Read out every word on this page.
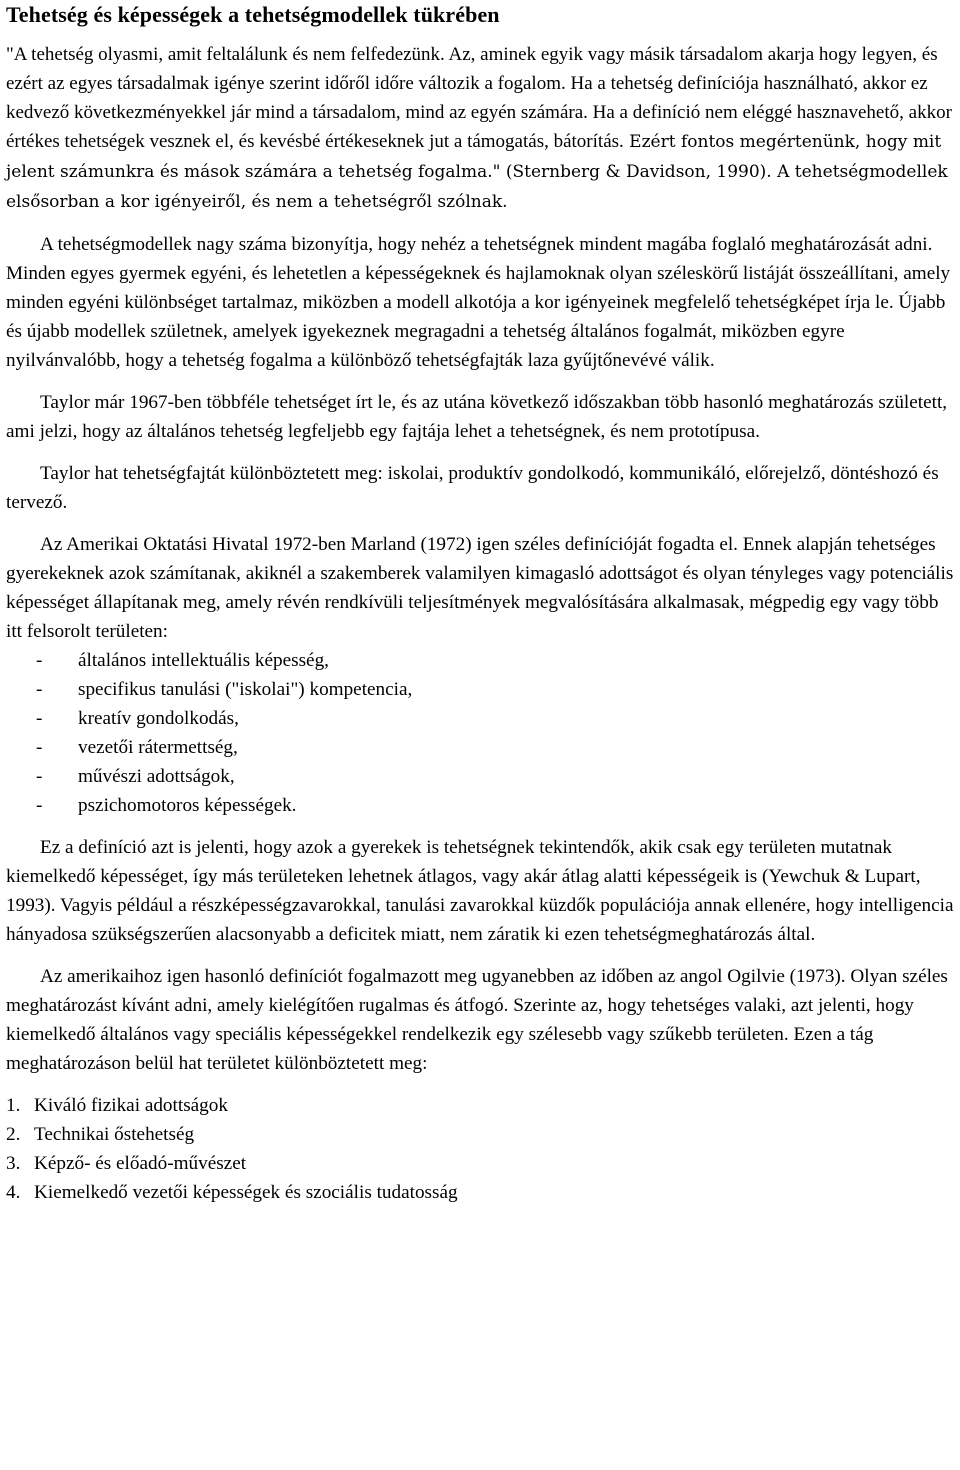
Tehetség és képességek a tehetségmodellek tükrében

"A tehetség olyasmi, amit feltalálunk és nem felfedezünk. Az, aminek egyik vagy másik társadalom akarja hogy legyen, és ezért az egyes társadalmak igénye szerint időről időre változik a fogalom. Ha a tehetség definíciója használható, akkor ez kedvező következményekkel jár mind a társadalom, mind az egyén számára. Ha a definíció nem eléggé hasznavehető, akkor értékes tehetségek vesznek el, és kevésbé értékeseknek jut a támogatás, bátorítás. Ezért fontos megértenünk, hogy mit jelent számunkra és mások számára a tehetség fogalma." (Sternberg & Davidson, 1990). A tehetségmodellek elsősorban a kor igényeiről, és nem a tehetségről szólnak.

A tehetségmodellek nagy száma bizonyítja, hogy nehéz a tehetségnek mindent magába foglaló meghatározását adni. Minden egyes gyermek egyéni, és lehetetlen a képességeknek és hajlamoknak olyan széleskörű listáját összeállítani, amely minden egyéni különbséget tartalmaz, miközben a modell alkotója a kor igényeinek megfelelő tehetségképet írja le. Újabb és újabb modellek születnek, amelyek igyekeznek megragadni a tehetség általános fogalmát, miközben egyre nyilvánvalóbb, hogy a tehetség fogalma a különböző tehetségfajták laza gyűjtőnevévé válik.

Taylor már 1967-ben többféle tehetséget írt le, és az utána következő időszakban több hasonló meghatározás született, ami jelzi, hogy az általános tehetség legfeljebb egy fajtája lehet a tehetségnek, és nem prototípusa.

Taylor hat tehetségfajtát különböztetett meg: iskolai, produktív gondolkodó, kommunikáló, előrejelző, döntéshozó és tervező.

Az Amerikai Oktatási Hivatal 1972-ben Marland (1972) igen széles definícióját fogadta el. Ennek alapján tehetséges gyerekeknek azok számítanak, akiknél a szakemberek valamilyen kimagasló adottságot és olyan tényleges vagy potenciális képességet állapítanak meg, amely révén rendkívüli teljesítmények megvalósítására alkalmasak, mégpedig egy vagy több itt felsorolt területen:

- általános intellektuális képesség,
- specifikus tanulási ("iskolai") kompetencia,
- kreatív gondolkodás,
- vezetői rátermettség,
- művészi adottságok,
- pszichomotoros képességek.

Ez a definíció azt is jelenti, hogy azok a gyerekek is tehetségnek tekintendők, akik csak egy területen mutatnak kiemelkedő képességet, így más területeken lehetnek átlagos, vagy akár átlag alatti képességeik is (Yewchuk & Lupart, 1993). Vagyis például a részképességzavarokkal, tanulási zavarokkal küzdők populációja annak ellenére, hogy intelligencia hányadosa szükségszerűen alacsonyabb a deficitek miatt, nem záratik ki ezen tehetségmeghatározás által.

Az amerikaihoz igen hasonló definíciót fogalmazott meg ugyanebben az időben az angol Ogilvie (1973). Olyan széles meghatározást kívánt adni, amely kielégítően rugalmas és átfogó. Szerinte az, hogy tehetséges valaki, azt jelenti, hogy kiemelkedő általános vagy speciális képességekkel rendelkezik egy szélesebb vagy szűkebb területen. Ezen a tág meghatározáson belül hat területet különböztetett meg:

1. Kiváló fizikai adottságok
2. Technikai őstehetség
3. Képző- és előadó-művészet
4. Kiemelkedő vezetői képességek és szociális tudatosság
